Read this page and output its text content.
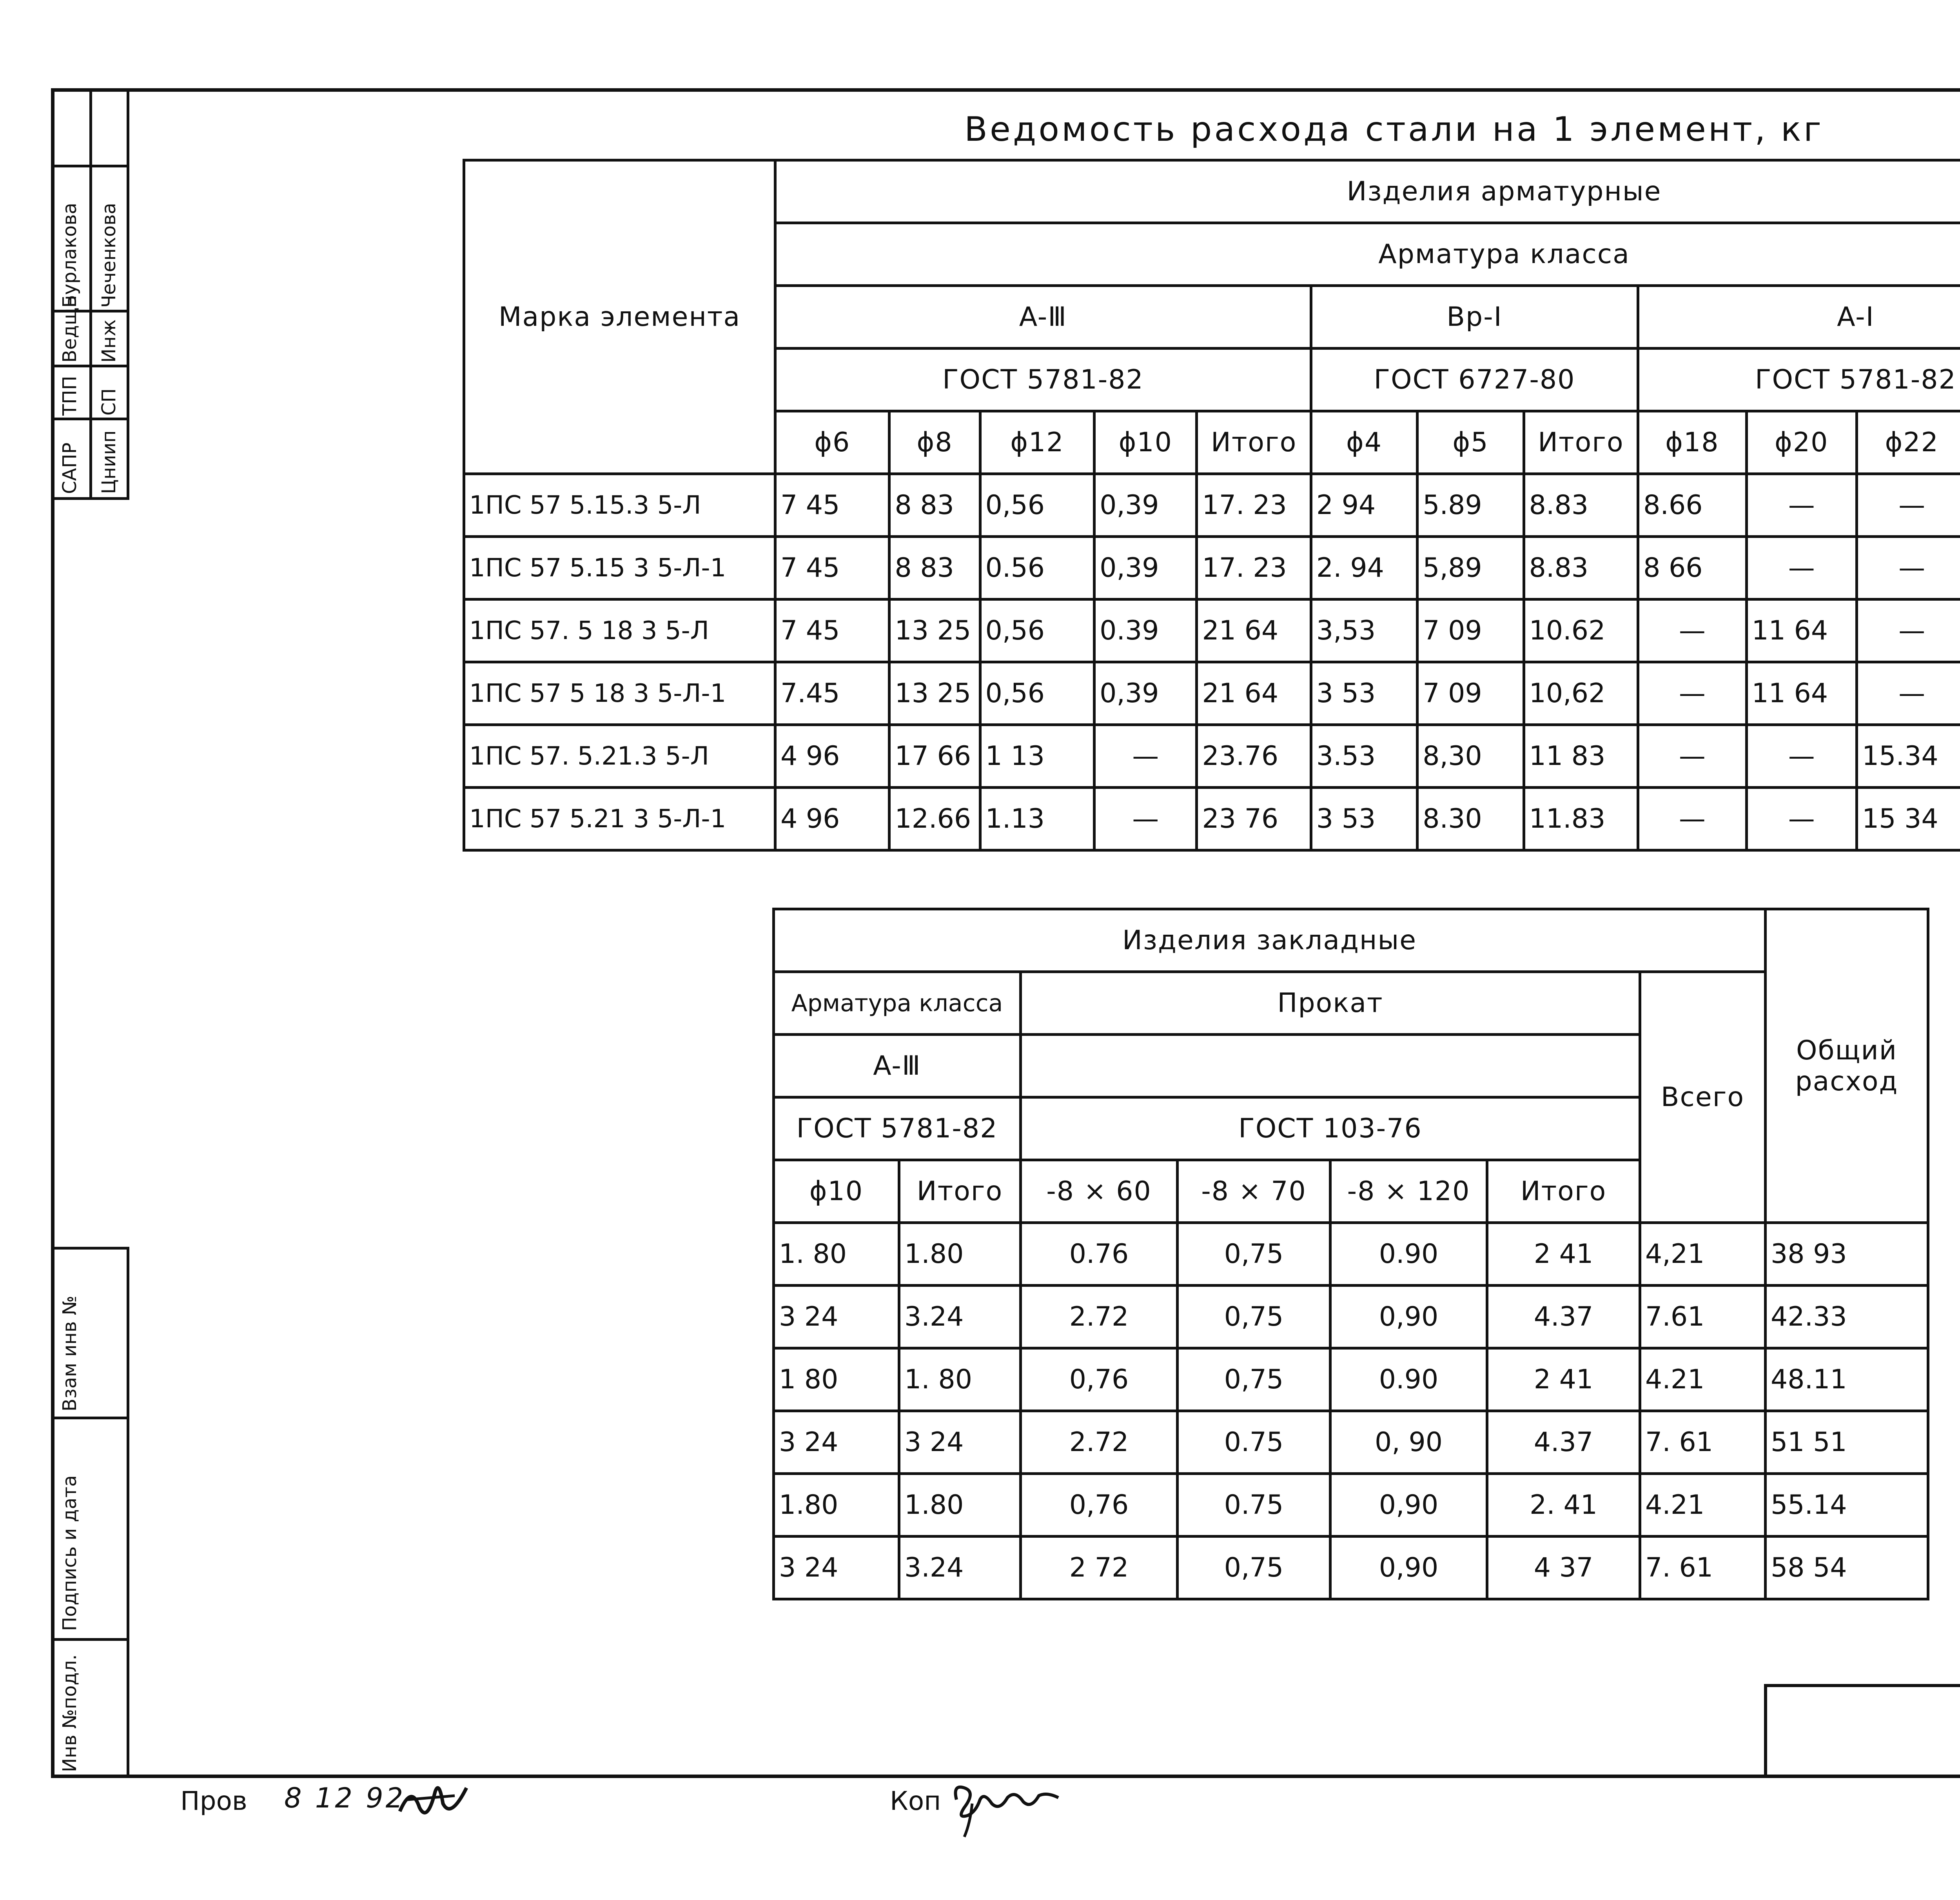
САПР
ТПП
Ведщн
Бурлакова
Цниип
СП
Инж
Чеченкова
Взам инв №
Подпись и дата
Инв №подл.
Ведомость расхода стали на 1 элемент, кг
Марка элемента	Изделия арматурные												
	Арматура класса												
	A-Ⅲ					Bp-I			A-I	
	ГОСТ 5781-82					ГОСТ 6727-80			ГОСТ 5781-82				
	ϕ6	ϕ8	ϕ12	ϕ10	Итого	ϕ4	ϕ5	Итого	ϕ18	ϕ20	ϕ22	
1ПС 57 5.15.3 5-Л	7 45	8 83	0,56	0,39	17. 23	2 94	5.89	8.83	8.66	—	—		
1ПС 57 5.15 3 5-Л-1	7 45	8 83	0.56	0,39	17. 23	2. 94	5,89	8.83	8 66	—	—		
1ПС 57. 5 18 3 5-Л	7 45	13 25	0,56	0.39	21 64	3,53	7 09	10.62	—	11 64	—		
1ПС 57 5 18 3 5-Л-1	7.45	13 25	0,56	0,39	21 64	3 53	7 09	10,62	—	11 64	—		
1ПС 57. 5.21.3 5-Л	4 96	17 66	1 13	—	23.76	3.53	8,30	11 83	—	—	15.34		
1ПС 57 5.21 3 5-Л-1	4 96	12.66	1.13	—	23 76	3 53	8.30	11.83	—	—	15 34		
Изделия закладные							Общий расход
Арматура класса		Прокат				Всего	
A-Ⅲ							
ГОСТ 5781-82		ГОСТ 103-76					
ϕ10	Итого	-8 × 60	-8 × 70	-8 × 120	Итого		
1. 80	1.80	0.76	0,75	0.90	2 41	4,21	38 93
3 24	3.24	2.72	0,75	0,90	4.37	7.61	42.33
1 80	1. 80	0,76	0,75	0.90	2 41	4.21	48.11
3 24	3 24	2.72	0.75	0, 90	4.37	7. 61	51 51
1.80	1.80	0,76	0.75	0,90	2. 41	4.21	55.14
3 24	3.24	2 72	0,75	0,90	4 37	7. 61	58 54
Пров 8 12 92	Коп
